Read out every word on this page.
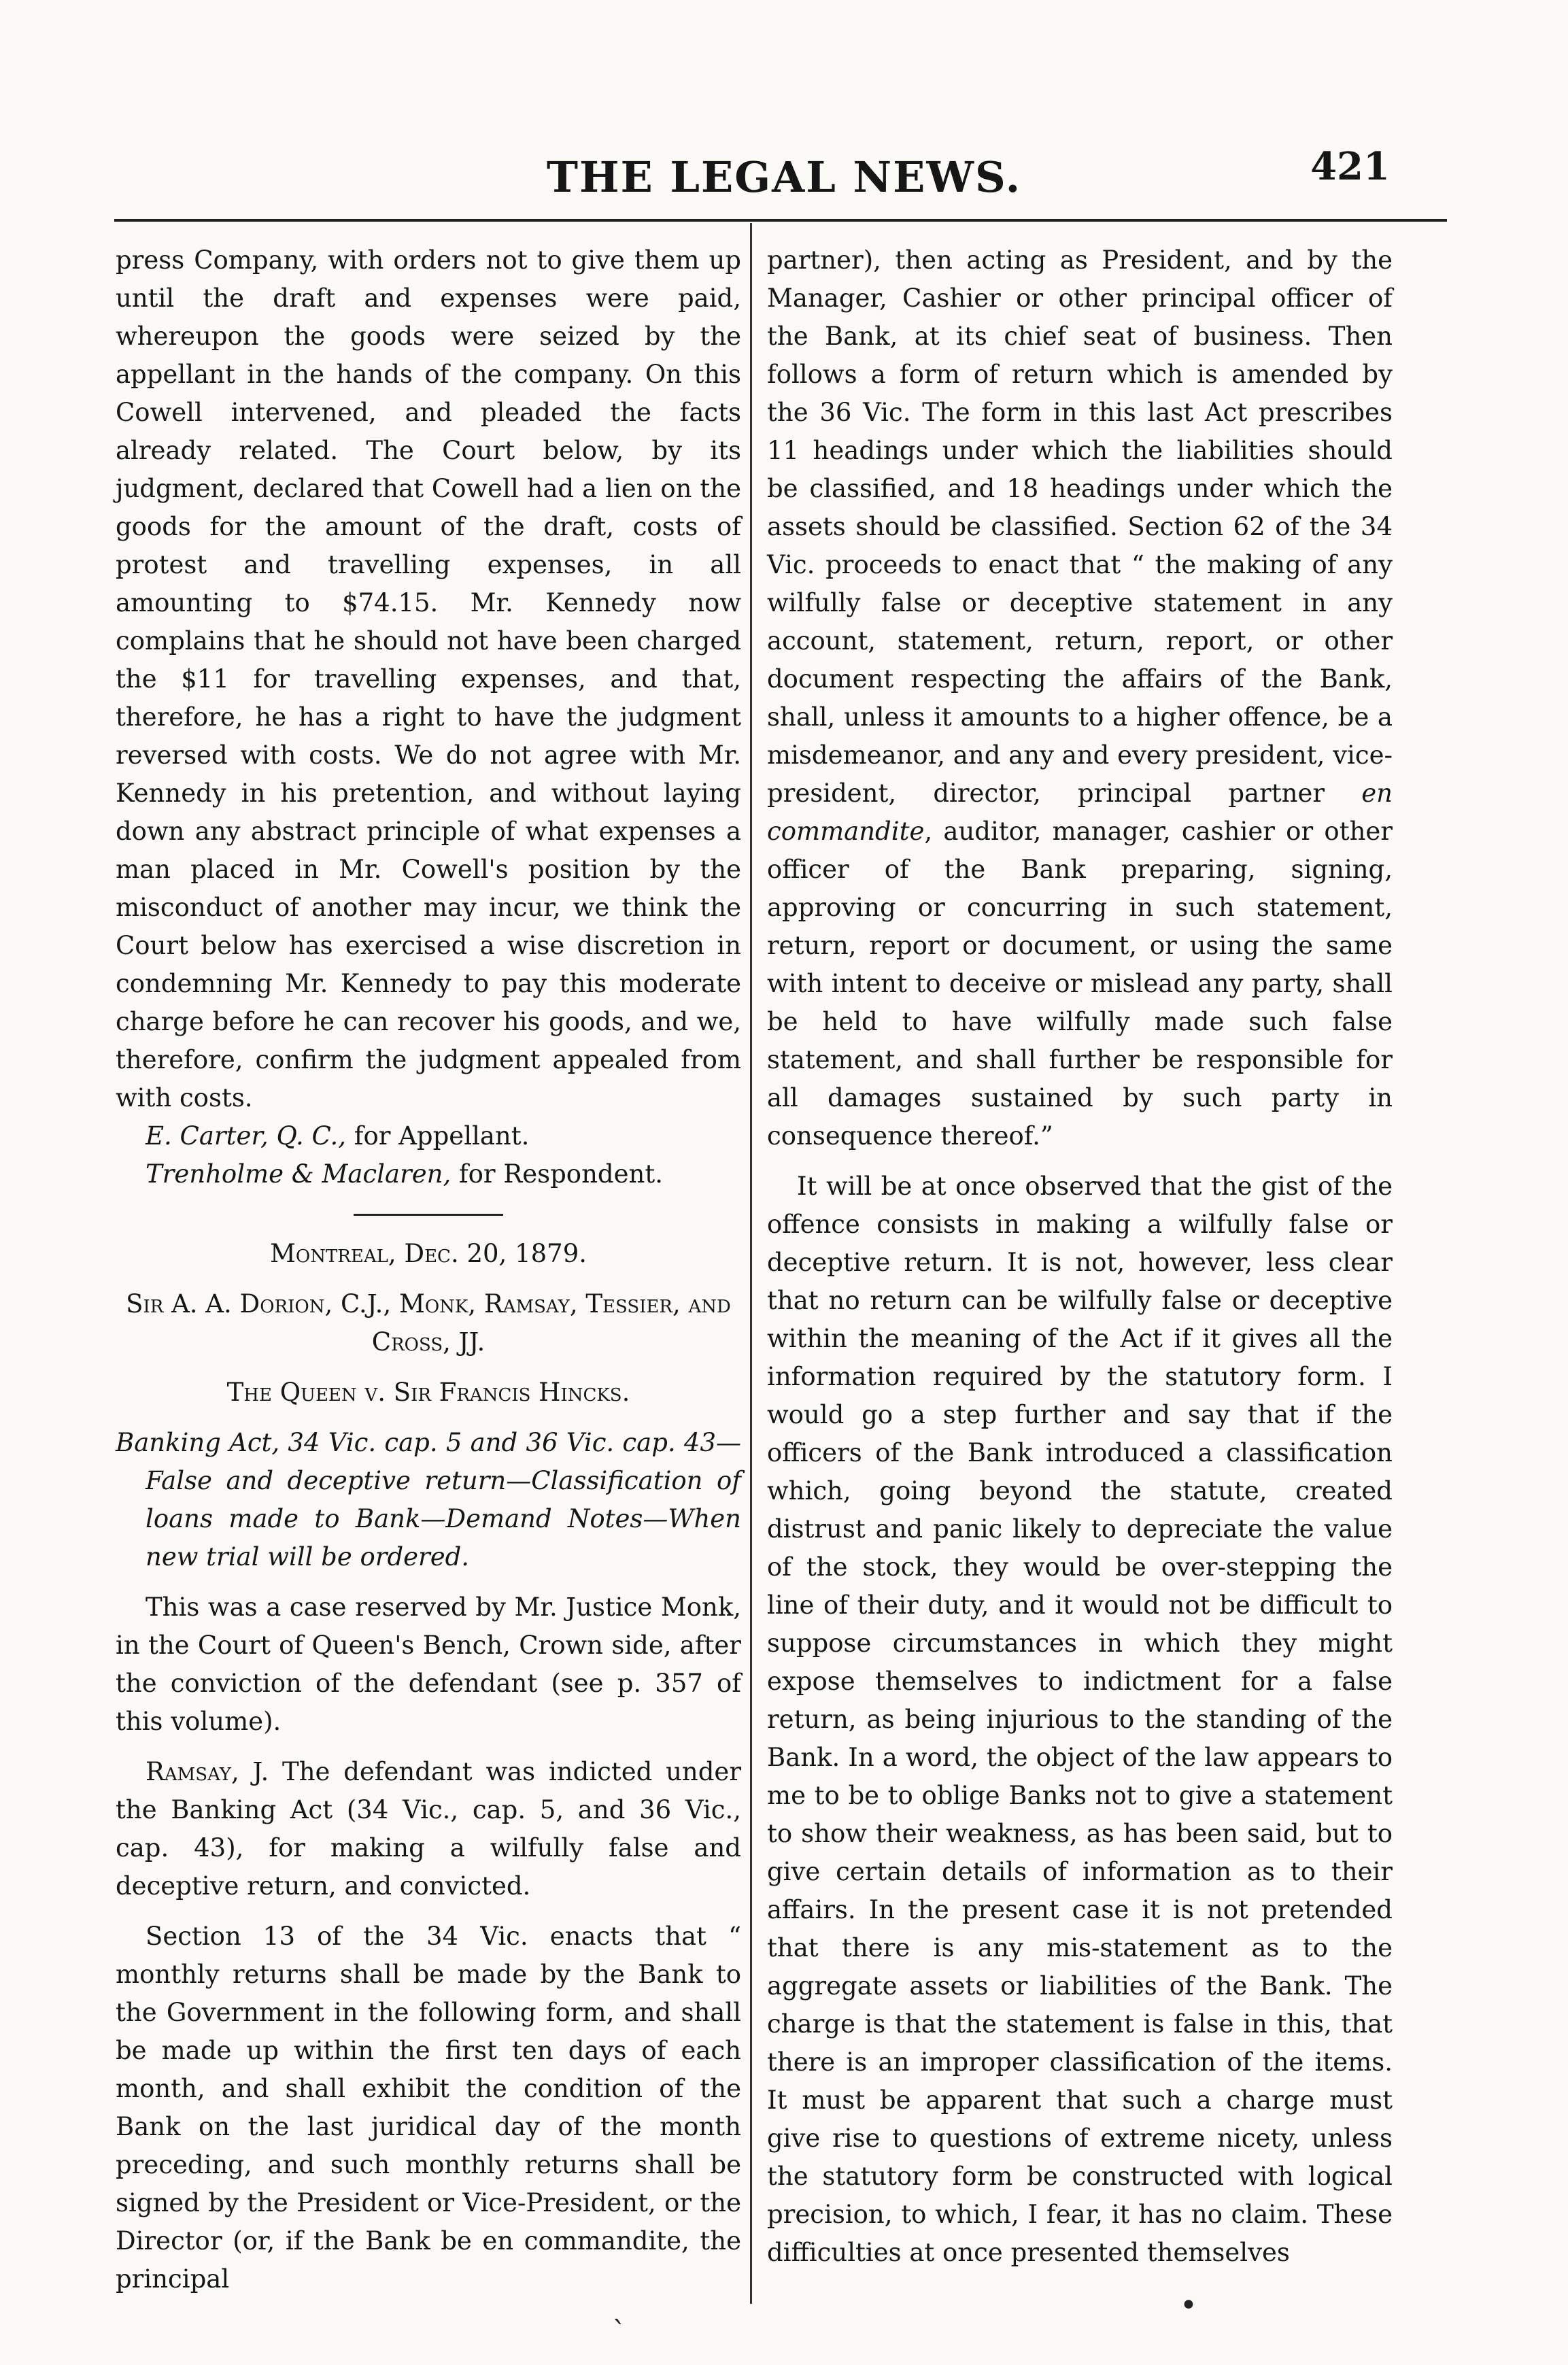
THE LEGAL NEWS.	421

press Company, with orders not to give them up until the draft and expenses were paid, whereupon the goods were seized by the appellant in the hands of the company. On this Cowell intervened, and pleaded the facts already related. The Court below, by its judgment, declared that Cowell had a lien on the goods for the amount of the draft, costs of protest and travelling expenses, in all amounting to $74.15. Mr. Kennedy now complains that he should not have been charged the $11 for travelling expenses, and that, therefore, he has a right to have the judgment reversed with costs. We do not agree with Mr. Kennedy in his pretention, and without laying down any abstract principle of what expenses a man placed in Mr. Cowell's position by the misconduct of another may incur, we think the Court below has exercised a wise discretion in condemning Mr. Kennedy to pay this moderate charge before he can recover his goods, and we, therefore, confirm the judgment appealed from with costs.

E. Carter, Q. C., for Appellant.

Trenholme & Maclaren, for Respondent.

Montreal, Dec. 20, 1879.

Sir A. A. Dorion, C.J., Monk, Ramsay, Tessier, and Cross, JJ.

The Queen v. Sir Francis Hincks.

Banking Act, 34 Vic. cap. 5 and 36 Vic. cap. 43— False and deceptive return—Classification of loans made to Bank—Demand Notes—When new trial will be ordered.

This was a case reserved by Mr. Justice Monk, in the Court of Queen's Bench, Crown side, after the conviction of the defendant (see p. 357 of this volume).

Ramsay, J. The defendant was indicted under the Banking Act (34 Vic., cap. 5, and 36 Vic., cap. 43), for making a wilfully false and deceptive return, and convicted.

Section 13 of the 34 Vic. enacts that “ monthly returns shall be made by the Bank to the Government in the following form, and shall be made up within the first ten days of each month, and shall exhibit the condition of the Bank on the last juridical day of the month preceding, and such monthly returns shall be signed by the President or Vice-President, or the Director (or, if the Bank be en commandite, the principal

partner), then acting as President, and by the Manager, Cashier or other principal officer of the Bank, at its chief seat of business. Then follows a form of return which is amended by the 36 Vic. The form in this last Act prescribes 11 headings under which the liabilities should be classified, and 18 headings under which the assets should be classified. Section 62 of the 34 Vic. proceeds to enact that “ the making of any wilfully false or deceptive statement in any account, statement, return, report, or other document respecting the affairs of the Bank, shall, unless it amounts to a higher offence, be a misdemeanor, and any and every president, vice-president, director, principal partner en commandite, auditor, manager, cashier or other officer of the Bank preparing, signing, approving or concurring in such statement, return, report or document, or using the same with intent to deceive or mislead any party, shall be held to have wilfully made such false statement, and shall further be responsible for all damages sustained by such party in consequence thereof.”

It will be at once observed that the gist of the offence consists in making a wilfully false or deceptive return. It is not, however, less clear that no return can be wilfully false or deceptive within the meaning of the Act if it gives all the information required by the statutory form. I would go a step further and say that if the officers of the Bank introduced a classification which, going beyond the statute, created distrust and panic likely to depreciate the value of the stock, they would be over-stepping the line of their duty, and it would not be difficult to suppose circumstances in which they might expose themselves to indictment for a false return, as being injurious to the standing of the Bank. In a word, the object of the law appears to me to be to oblige Banks not to give a statement to show their weakness, as has been said, but to give certain details of information as to their affairs. In the present case it is not pretended that there is any mis-statement as to the aggregate assets or liabilities of the Bank. The charge is that the statement is false in this, that there is an improper classification of the items. It must be apparent that such a charge must give rise to questions of extreme nicety, unless the statutory form be constructed with logical precision, to which, I fear, it has no claim. These difficulties at once presented themselves

`
•
